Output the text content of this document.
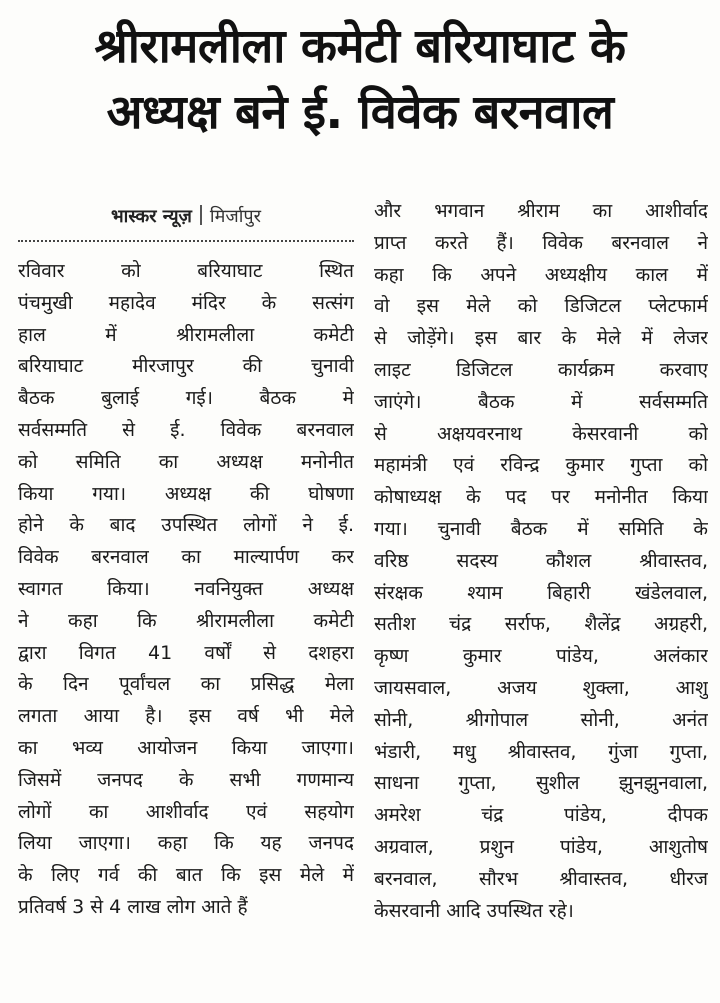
श्रीरामलीला कमेटी बरियाघाट के
अध्यक्ष बने ई. विवेक बरनवाल
भास्कर न्यूज़ मिर्जापुर
रविवार को बरियाघाट स्थित
पंचमुखी महादेव मंदिर के सत्संग
हाल में श्रीरामलीला कमेटी
बरियाघाट मीरजापुर की चुनावी
बैठक बुलाई गई। बैठक मे
सर्वसम्मति से ई. विवेक बरनवाल
को समिति का अध्यक्ष मनोनीत
किया गया। अध्यक्ष की घोषणा
होने के बाद उपस्थित लोगों ने ई.
विवेक बरनवाल का माल्यार्पण कर
स्वागत किया। नवनियुक्त अध्यक्ष
ने कहा कि श्रीरामलीला कमेटी
द्वारा विगत 41 वर्षों से दशहरा
के दिन पूर्वांचल का प्रसिद्ध मेला
लगता आया है। इस वर्ष भी मेले
का भव्य आयोजन किया जाएगा।
जिसमें जनपद के सभी गणमान्य
लोगों का आशीर्वाद एवं सहयोग
लिया जाएगा। कहा कि यह जनपद
के लिए गर्व की बात कि इस मेले में
प्रतिवर्ष 3 से 4 लाख लोग आते हैं
और भगवान श्रीराम का आशीर्वाद
प्राप्त करते हैं। विवेक बरनवाल ने
कहा कि अपने अध्यक्षीय काल में
वो इस मेले को डिजिटल प्लेटफार्म
से जोड़ेंगे। इस बार के मेले में लेजर
लाइट डिजिटल कार्यक्रम करवाए
जाएंगे। बैठक में सर्वसम्मति
से अक्षयवरनाथ केसरवानी को
महामंत्री एवं रविन्द्र कुमार गुप्ता को
कोषाध्यक्ष के पद पर मनोनीत किया
गया। चुनावी बैठक में समिति के
वरिष्ठ सदस्य कौशल श्रीवास्तव,
संरक्षक श्याम बिहारी खंडेलवाल,
सतीश चंद्र सर्राफ, शैलेंद्र अग्रहरी,
कृष्ण कुमार पांडेय, अलंकार
जायसवाल, अजय शुक्ला, आशु
सोनी, श्रीगोपाल सोनी, अनंत
भंडारी, मधु श्रीवास्तव, गुंजा गुप्ता,
साधना गुप्ता, सुशील झुनझुनवाला,
अमरेश चंद्र पांडेय, दीपक
अग्रवाल, प्रशुन पांडेय, आशुतोष
बरनवाल, सौरभ श्रीवास्तव, धीरज
केसरवानी आदि उपस्थित रहे।
